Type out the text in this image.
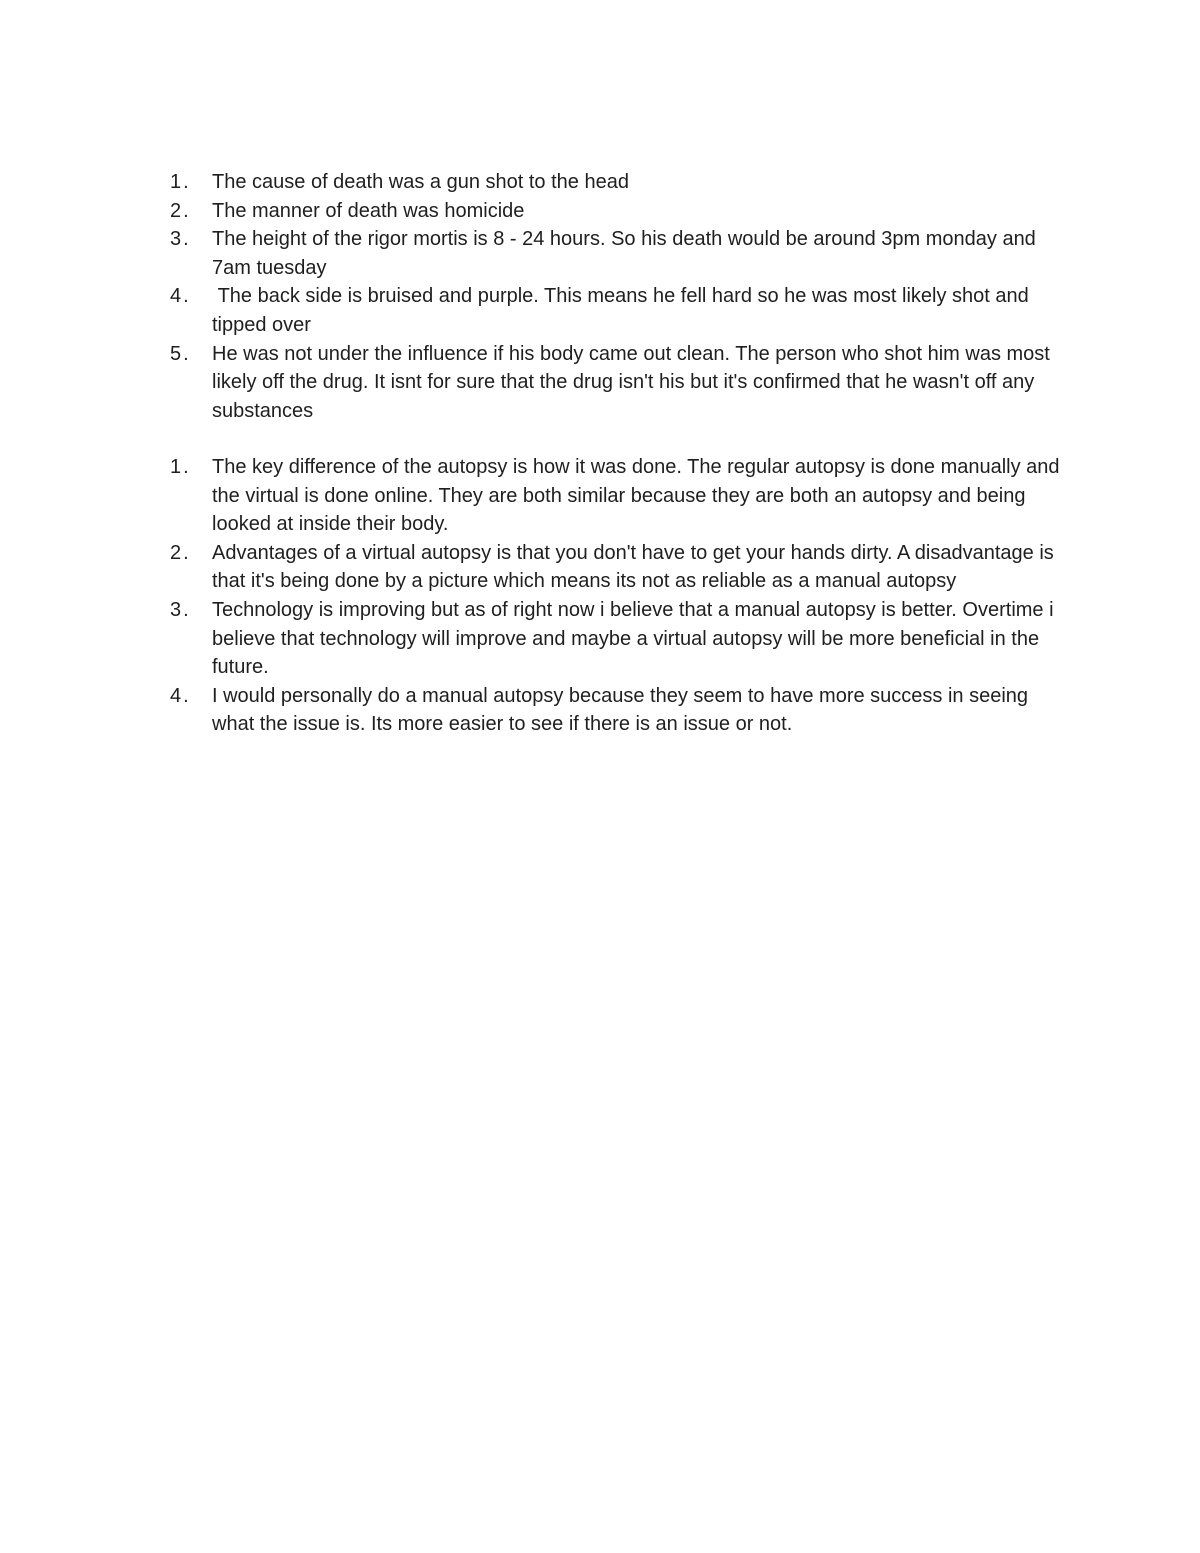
1.	The cause of death was a gun shot to the head
2.	The manner of death was homicide
3.	The height of the rigor mortis is 8 - 24 hours. So his death would be around 3pm monday and 7am tuesday
4.	The back side is bruised and purple. This means he fell hard so he was most likely shot and tipped over
5.	He was not under the influence if his body came out clean. The person who shot him was most likely off the drug. It isnt for sure that the drug isn't his but it's confirmed that he wasn't off any substances
1.	The key difference of the autopsy is how it was done. The regular autopsy is done manually and the virtual is done online. They are both similar because they are both an autopsy and being looked at inside their body.
2.	Advantages of a virtual autopsy is that you don't have to get your hands dirty. A disadvantage is that it's being done by a picture which means its not as reliable as a manual autopsy
3.	Technology is improving but as of right now i believe that a manual autopsy is better. Overtime i believe that technology will improve and maybe a virtual autopsy will be more beneficial in the future.
4.	I would personally do a manual autopsy because they seem to have more success in seeing what the issue is. Its more easier to see if there is an issue or not.
